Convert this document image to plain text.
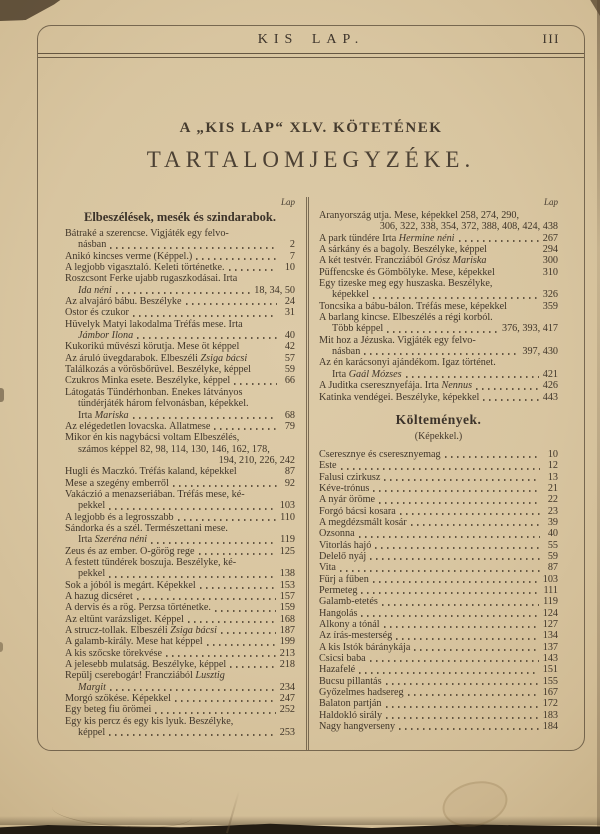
KIS LAP.	III
A „KIS LAP“ XLV. KÖTETÉNEK
TARTALOMJEGYZÉKE.
Lap
Elbeszélések, mesék és szindarabok.
Bátraké a szerencse. Vigjáték egy felvo-
násban	2
Anikó kincses verme (Képpel.)	7
A legjobb vigasztaló. Keleti történetke.	10
Roszcsont Ferke ujabb rugaszkodásai. Irta
Ida néni	18, 34, 50
Az alvajáró bábu. Beszélyke	24
Ostor és czukor	31
Hüvelyk Matyi lakodalma Tréfás mese. Irta
Jámbor Ilona	40
Kukorikú művészi körutja. Mese öt képpel	42
Az áruló üvegdarabok. Elbeszéli Zsiga bácsi	57
Találkozás a vörösbőrüvel. Beszélyke, képpel	59
Czukros Minka esete. Beszélyke, képpel	66
Látogatás Tündérhonban. Énekes látványos
tündérjáték három felvonásban, képekkel.
Irta Mariska	68
Az elégedetlen lovacska. Állatmese	79
Mikor én kis nagybácsi voltam Elbeszélés,
számos képpel 82, 98, 114, 130, 146, 162, 178,
194, 210, 226, 242
Hugli és Maczkó. Tréfás kaland, képekkel	87
Mese a szegény emberről	92
Vakáczió a menazseriában. Tréfás mese, ké-
pekkel	103
A legjobb és a legrosszabb	110
Sándorka és a szél. Természettani mese.
Irta Szeréna néni	119
Zeus és az ember. Ó-görög rege	125
A festett tündérek boszuja. Beszélyke, ké-
pekkel	138
Sok a jóból is megárt. Képekkel	153
A hazug dicséret	157
A dervis és a rög. Perzsa történetke.	159
Az eltünt varázsliget. Képpel	168
A strucz-tollak. Elbeszéli Zsiga bácsi	187
A galamb-király. Mese hat képpel	199
A kis szőcske törekvése	213
A jelesebb mulatság. Beszélyke, képpel	218
Repülj cserebogár! Francziából Lusztig
Margit	234
Morgó szökése. Képekkel	247
Egy beteg fiu örömei	252
Egy kis percz és egy kis lyuk. Beszélyke,
képpel	253
Lap
Aranyország utja. Mese, képekkel 258, 274, 290,
306, 322, 338, 354, 372, 388, 408, 424, 438
A park tündére Irta Hermine néni	267
A sárkány és a bagoly. Beszélyke, képpel	294
A két testvér. Francziából Grósz Mariska	300
Püffencske és Gömbölyke. Mese, képekkel	310
Egy tizeske meg egy huszaska. Beszélyke,
képekkel	326
Toncsika a bábu-bálon. Tréfás mese, képekkel	359
A barlang kincse. Elbeszélés a régi korból.
Több képpel	376, 393, 417
Mit hoz a Jézuska. Vigjáték egy felvo-
násban	397, 430
Az én karácsonyi ajándékom. Igaz történet.
Irta Gaál Mózses	421
A Juditka cseresznyefája. Irta Nennus	426
Katinka vendégei. Beszélyke, képekkel	443
Költemények.
(Képekkel.)
Cseresznye és cseresznyemag	10
Este	12
Falusi czirkusz	13
Kéve-trónus	21
A nyár öröme	22
Forgó bácsi kosara	23
A megdézsmált kosár	39
Ozsonna	40
Vitorlás hajó	55
Delelő nyáj	59
Vita	87
Fürj a fűben	103
Permeteg	111
Galamb-etetés	119
Hangolás	124
Alkony a tónál	127
Az írás-mesterség	134
A kis Istók báránykája	137
Csicsi baba	143
Hazafelé	151
Bucsu pillantás	155
Győzelmes hadsereg	167
Balaton partján	172
Haldokló sirály	183
Nagy hangverseny	184
